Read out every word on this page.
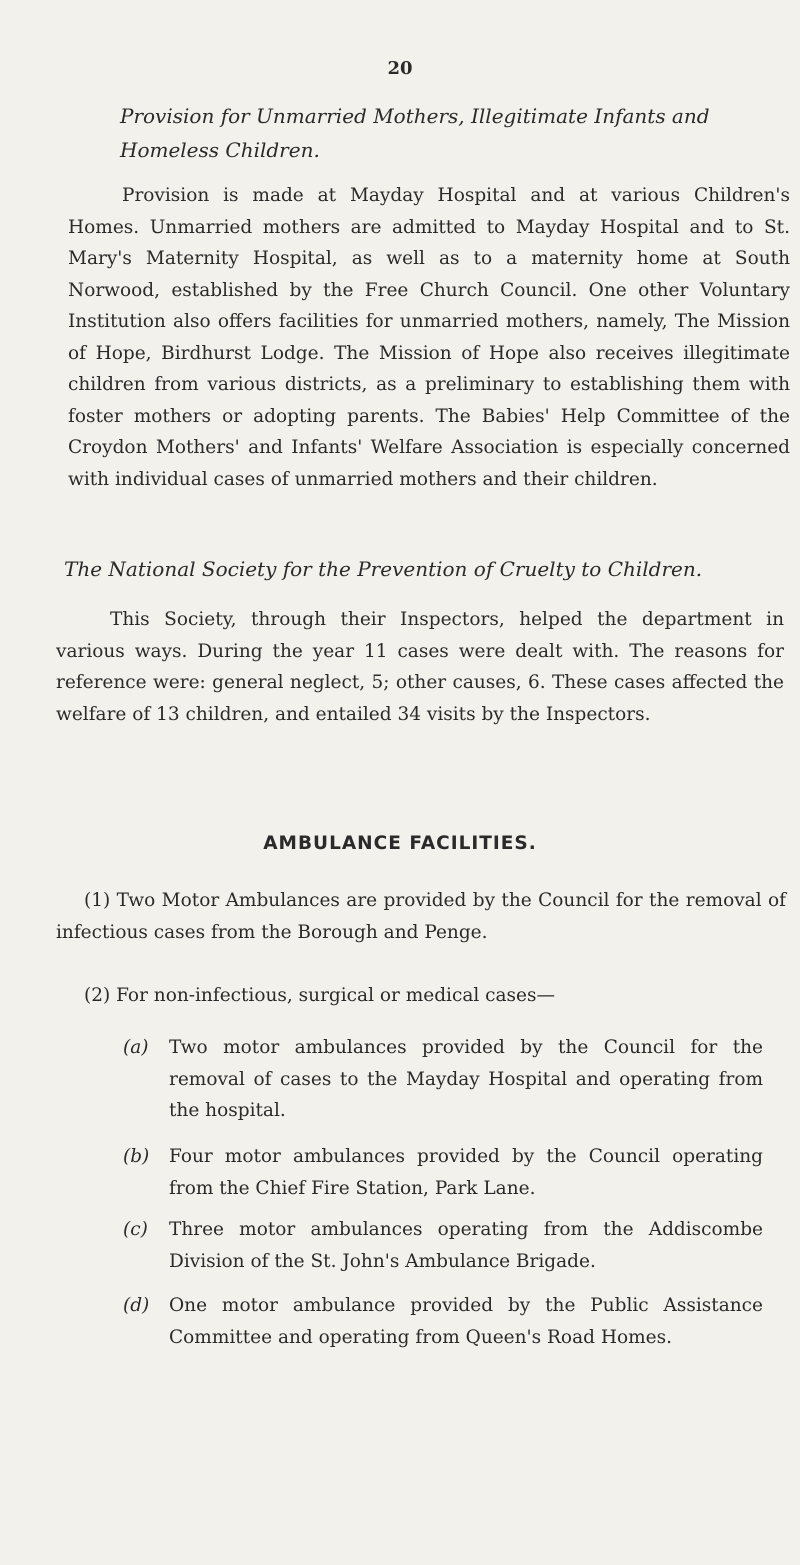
20
Provision for Unmarried Mothers, Illegitimate Infants and
Homeless Children.

Provision is made at Mayday Hospital and at various Children's Homes. Unmarried mothers are admitted to Mayday Hospital and to St. Mary's Maternity Hospital, as well as to a maternity home at South Norwood, established by the Free Church Council. One other Voluntary Institution also offers facilities for unmarried mothers, namely, The Mission of Hope, Birdhurst Lodge. The Mission of Hope also receives illegitimate children from various districts, as a preliminary to establishing them with foster mothers or adopting parents. The Babies' Help Committee of the Croydon Mothers' and Infants' Welfare Association is especially concerned with individual cases of unmarried mothers and their children.

The National Society for the Prevention of Cruelty to Children.

This Society, through their Inspectors, helped the department in various ways. During the year 11 cases were dealt with. The reasons for reference were: general neglect, 5; other causes, 6. These cases affected the welfare of 13 children, and entailed 34 visits by the Inspectors.

AMBULANCE FACILITIES.
(1) Two Motor Ambulances are provided by the Council for the removal of infectious cases from the Borough and Penge.
(2) For non-infectious, surgical or medical cases—
(a)	Two motor ambulances provided by the Council for the removal of cases to the Mayday Hospital and operating from the hospital.
(b)	Four motor ambulances provided by the Council operating from the Chief Fire Station, Park Lane.
(c)	Three motor ambulances operating from the Addiscombe Division of the St. John's Ambulance Brigade.
(d)	One motor ambulance provided by the Public Assistance Committee and operating from Queen's Road Homes.
